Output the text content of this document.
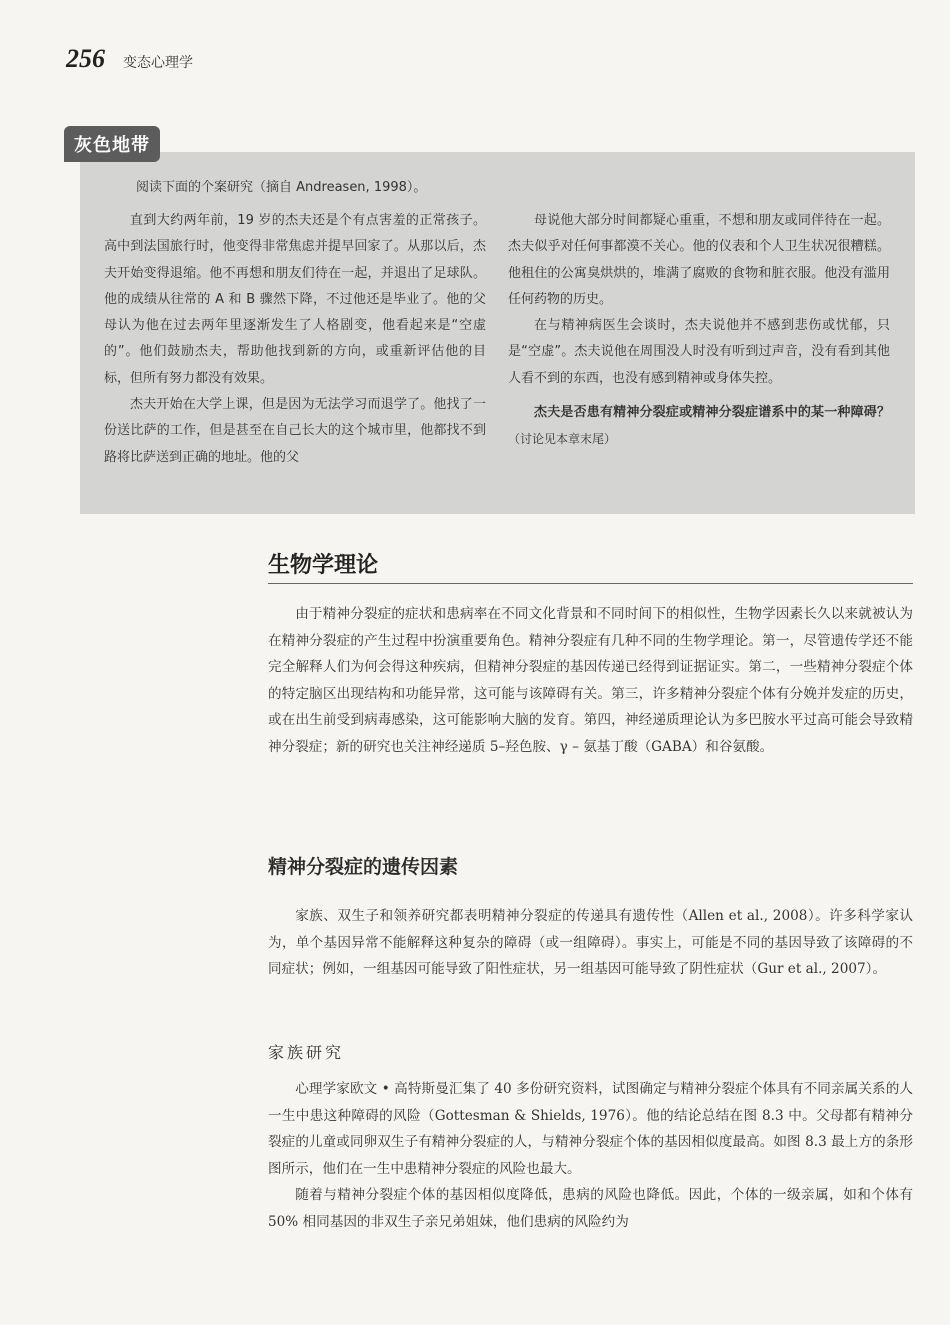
256 变态心理学
灰色地带
阅读下面的个案研究（摘自 Andreasen, 1998）。

直到大约两年前，19 岁的杰夫还是个有点害羞的正常孩子。高中到法国旅行时，他变得非常焦虑并提早回家了。从那以后，杰夫开始变得退缩。他不再想和朋友们待在一起，并退出了足球队。他的成绩从往常的 A 和 B 骤然下降，不过他还是毕业了。他的父母认为他在过去两年里逐渐发生了人格剧变，他看起来是“空虚的”。他们鼓励杰夫，帮助他找到新的方向，或重新评估他的目标，但所有努力都没有效果。

杰夫开始在大学上课，但是因为无法学习而退学了。他找了一份送比萨的工作，但是甚至在自己长大的这个城市里，他都找不到路将比萨送到正确的地址。他的父

母说他大部分时间都疑心重重，不想和朋友或同伴待在一起。杰夫似乎对任何事都漠不关心。他的仪表和个人卫生状况很糟糕。他租住的公寓臭烘烘的，堆满了腐败的食物和脏衣服。他没有滥用任何药物的历史。

在与精神病医生会谈时，杰夫说他并不感到悲伤或忧郁，只是“空虚”。杰夫说他在周围没人时没有听到过声音，没有看到其他人看不到的东西，也没有感到精神或身体失控。

杰夫是否患有精神分裂症或精神分裂症谱系中的某一种障碍？（讨论见本章末尾）

生物学理论

由于精神分裂症的症状和患病率在不同文化背景和不同时间下的相似性，生物学因素长久以来就被认为在精神分裂症的产生过程中扮演重要角色。精神分裂症有几种不同的生物学理论。第一，尽管遗传学还不能完全解释人们为何会得这种疾病，但精神分裂症的基因传递已经得到证据证实。第二，一些精神分裂症个体的特定脑区出现结构和功能异常，这可能与该障碍有关。第三，许多精神分裂症个体有分娩并发症的历史，或在出生前受到病毒感染，这可能影响大脑的发育。第四，神经递质理论认为多巴胺水平过高可能会导致精神分裂症；新的研究也关注神经递质 5–羟色胺、γ – 氨基丁酸（GABA）和谷氨酸。

精神分裂症的遗传因素

家族、双生子和领养研究都表明精神分裂症的传递具有遗传性（Allen et al., 2008）。许多科学家认为，单个基因异常不能解释这种复杂的障碍（或一组障碍）。事实上，可能是不同的基因导致了该障碍的不同症状；例如，一组基因可能导致了阳性症状，另一组基因可能导致了阴性症状（Gur et al., 2007）。

家族研究

心理学家欧文 • 高特斯曼汇集了 40 多份研究资料，试图确定与精神分裂症个体具有不同亲属关系的人一生中患这种障碍的风险（Gottesman & Shields, 1976）。他的结论总结在图 8.3 中。父母都有精神分裂症的儿童或同卵双生子有精神分裂症的人，与精神分裂症个体的基因相似度最高。如图 8.3 最上方的条形图所示，他们在一生中患精神分裂症的风险也最大。

随着与精神分裂症个体的基因相似度降低，患病的风险也降低。因此，个体的一级亲属，如和个体有 50% 相同基因的非双生子亲兄弟姐妹，他们患病的风险约为
